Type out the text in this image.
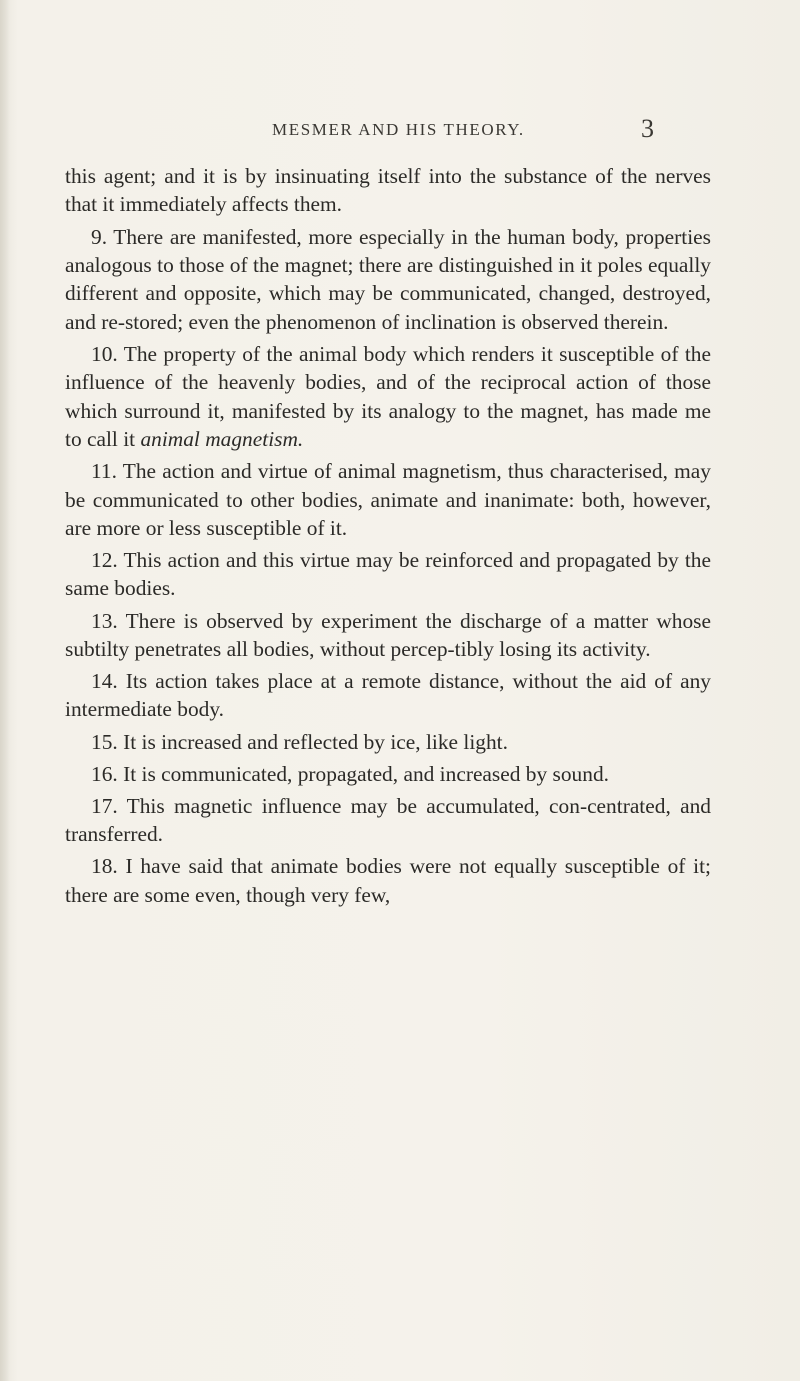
MESMER AND HIS THEORY.	3

this agent; and it is by insinuating itself into the substance of the nerves that it immediately affects them.

9. There are manifested, more especially in the human body, properties analogous to those of the magnet; there are distinguished in it poles equally different and opposite, which may be communicated, changed, destroyed, and re-stored; even the phenomenon of inclination is observed therein.

10. The property of the animal body which renders it susceptible of the influence of the heavenly bodies, and of the reciprocal action of those which surround it, manifested by its analogy to the magnet, has made me to call it animal magnetism.

11. The action and virtue of animal magnetism, thus characterised, may be communicated to other bodies, animate and inanimate: both, however, are more or less susceptible of it.

12. This action and this virtue may be reinforced and propagated by the same bodies.

13. There is observed by experiment the discharge of a matter whose subtilty penetrates all bodies, without percep-tibly losing its activity.

14. Its action takes place at a remote distance, without the aid of any intermediate body.

15. It is increased and reflected by ice, like light.

16. It is communicated, propagated, and increased by sound.

17. This magnetic influence may be accumulated, con-centrated, and transferred.

18. I have said that animate bodies were not equally susceptible of it; there are some even, though very few,
